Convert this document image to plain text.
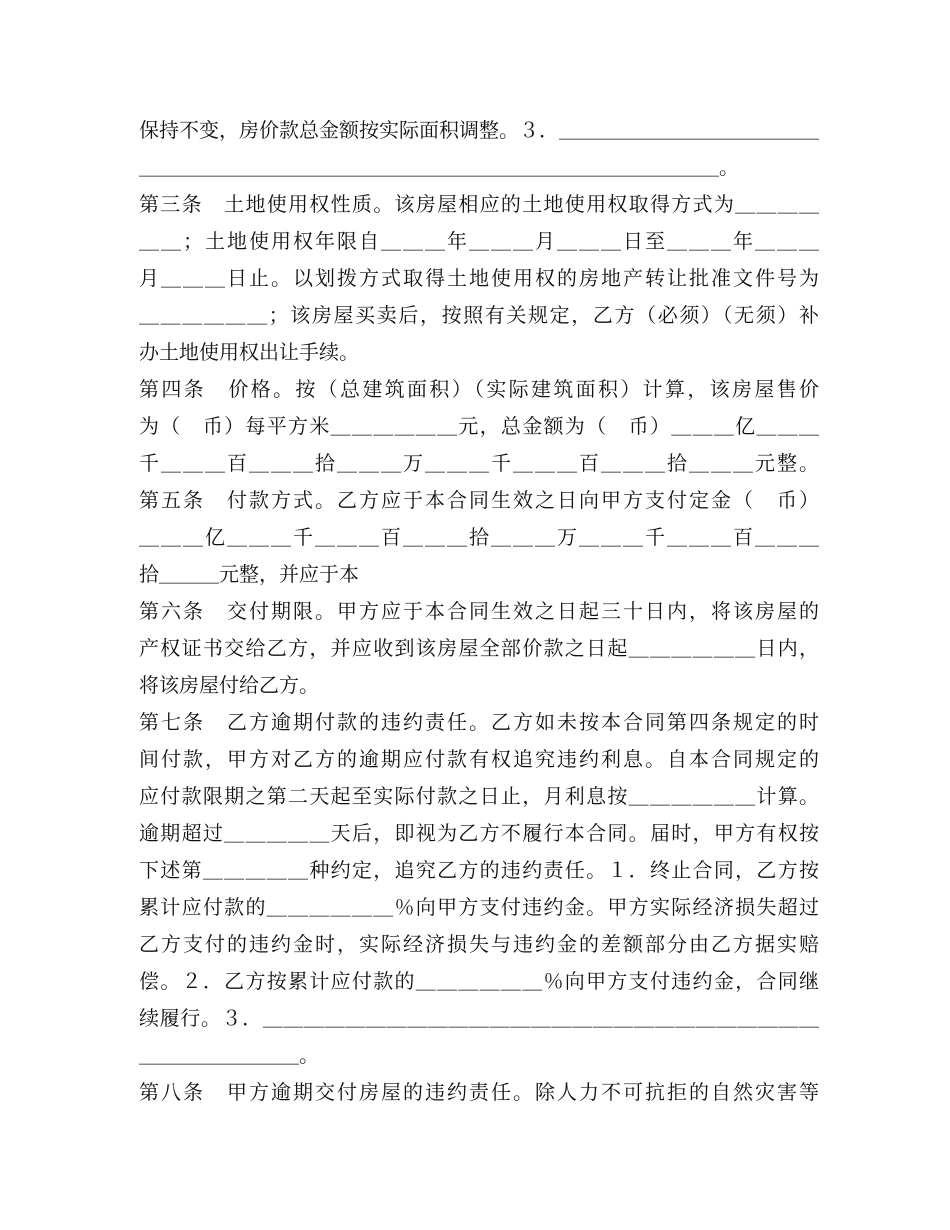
保持不变，房价款总金额按实际面积调整。３．＿＿＿＿＿＿＿＿＿＿＿＿＿
＿＿＿＿＿＿＿＿＿＿＿＿＿＿＿＿＿＿＿＿＿＿＿＿＿＿＿＿＿。
第三条　土地使用权性质。该房屋相应的土地使用权取得方式为＿＿＿＿
＿＿；土地使用权年限自＿＿＿年＿＿＿月＿＿＿日至＿＿＿年＿＿＿
月＿＿＿日止。以划拨方式取得土地使用权的房地产转让批准文件号为
＿＿＿＿＿＿；该房屋买卖后，按照有关规定，乙方（必须）（无须）补
办土地使用权出让手续。
第四条　价格。按（总建筑面积）（实际建筑面积）计算，该房屋售价
为（　币）每平方米＿＿＿＿＿＿元，总金额为（　币）＿＿＿亿＿＿＿
千＿＿＿百＿＿＿拾＿＿＿万＿＿＿千＿＿＿百＿＿＿拾＿＿＿元整。
第五条　付款方式。乙方应于本合同生效之日向甲方支付定金（　币）
＿＿＿亿＿＿＿千＿＿＿百＿＿＿拾＿＿＿万＿＿＿千＿＿＿百＿＿＿
拾＿＿＿元整，并应于本
第六条　交付期限。甲方应于本合同生效之日起三十日内，将该房屋的
产权证书交给乙方，并应收到该房屋全部价款之日起＿＿＿＿＿＿日内，
将该房屋付给乙方。
第七条　乙方逾期付款的违约责任。乙方如未按本合同第四条规定的时
间付款，甲方对乙方的逾期应付款有权追究违约利息。自本合同规定的
应付款限期之第二天起至实际付款之日止，月利息按＿＿＿＿＿＿计算。
逾期超过＿＿＿＿＿天后，即视为乙方不履行本合同。届时，甲方有权按
下述第＿＿＿＿＿种约定，追究乙方的违约责任。１．终止合同，乙方按
累计应付款的＿＿＿＿＿＿％向甲方支付违约金。甲方实际经济损失超过
乙方支付的违约金时，实际经济损失与违约金的差额部分由乙方据实赔
偿。２．乙方按累计应付款的＿＿＿＿＿＿％向甲方支付违约金，合同继
续履行。３．＿＿＿＿＿＿＿＿＿＿＿＿＿＿＿＿＿＿＿＿＿＿＿＿＿＿＿
＿＿＿＿＿＿＿＿。
第八条　甲方逾期交付房屋的违约责任。除人力不可抗拒的自然灾害等
